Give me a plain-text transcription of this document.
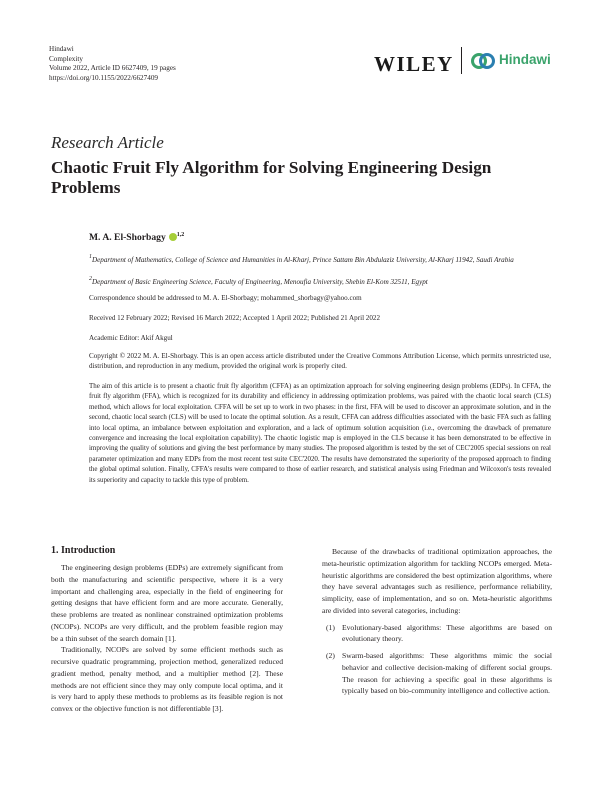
Hindawi
Complexity
Volume 2022, Article ID 6627409, 19 pages
https://doi.org/10.1155/2022/6627409
WILEY	Hindawi
Research Article
Chaotic Fruit Fly Algorithm for Solving Engineering Design Problems
M. A. El-Shorbagy $^{1,2}$
$^1$Department of Mathematics, College of Science and Humanities in Al-Kharj, Prince Sattam Bin Abdulaziz University, Al-Kharj 11942, Saudi Arabia
$^2$Department of Basic Engineering Science, Faculty of Engineering, Menoufia University, Shebin El-Kom 32511, Egypt
Correspondence should be addressed to M. A. El-Shorbagy; mohammed_shorbagy@yahoo.com
Received 12 February 2022; Revised 16 March 2022; Accepted 1 April 2022; Published 21 April 2022
Academic Editor: Akif Akgul
Copyright © 2022 M. A. El-Shorbagy. This is an open access article distributed under the Creative Commons Attribution License, which permits unrestricted use, distribution, and reproduction in any medium, provided the original work is properly cited.
The aim of this article is to present a chaotic fruit fly algorithm (CFFA) as an optimization approach for solving engineering design problems (EDPs). In CFFA, the fruit fly algorithm (FFA), which is recognized for its durability and efficiency in addressing optimization problems, was paired with the chaotic local search (CLS) method, which allows for local exploitation. CFFA will be set up to work in two phases: in the first, FFA will be used to discover an approximate solution, and in the second, chaotic local search (CLS) will be used to locate the optimal solution. As a result, CFFA can address difficulties associated with the basic FFA such as falling into local optima, an imbalance between exploitation and exploration, and a lack of optimum solution acquisition (i.e., overcoming the drawback of premature convergence and increasing the local exploitation capability). The chaotic logistic map is employed in the CLS because it has been demonstrated to be effective in improving the quality of solutions and giving the best performance by many studies. The proposed algorithm is tested by the set of CEC'2005 special sessions on real parameter optimization and many EDPs from the most recent test suite CEC'2020. The results have demonstrated the superiority of the proposed approach to finding the global optimal solution. Finally, CFFA's results were compared to those of earlier research, and statistical analysis using Friedman and Wilcoxon's tests revealed its superiority and capacity to tackle this type of problem.
1. Introduction

The engineering design problems (EDPs) are extremely significant from both the manufacturing and scientific perspective, where it is a very important and challenging area, especially in the field of engineering for getting designs that have efficient form and are more accurate. Generally, these problems are treated as nonlinear constrained optimization problems (NCOPs). NCOPs are very difficult, and the problem feasible region may be a thin subset of the search domain [1].

Traditionally, NCOPs are solved by some efficient methods such as recursive quadratic programming, projection method, generalized reduced gradient method, penalty method, and a multiplier method [2]. These methods are not efficient since they may only compute local optima, and it is very hard to apply these methods to problems as its feasible region is not convex or the objective function is not differentiable [3].

Because of the drawbacks of traditional optimization approaches, the meta-heuristic optimization algorithm for tackling NCOPs emerged. Meta-heuristic algorithms are considered the best optimization algorithms, where they have several advantages such as resilience, performance reliability, simplicity, ease of implementation, and so on. Meta-heuristic algorithms are divided into several categories, including:

(1) Evolutionary-based algorithms: These algorithms are based on evolutionary theory.
(2) Swarm-based algorithms: These algorithms mimic the social behavior and collective decision-making of different social groups. The reason for achieving a specific goal in these algorithms is typically based on bio-community intelligence and collective action.
